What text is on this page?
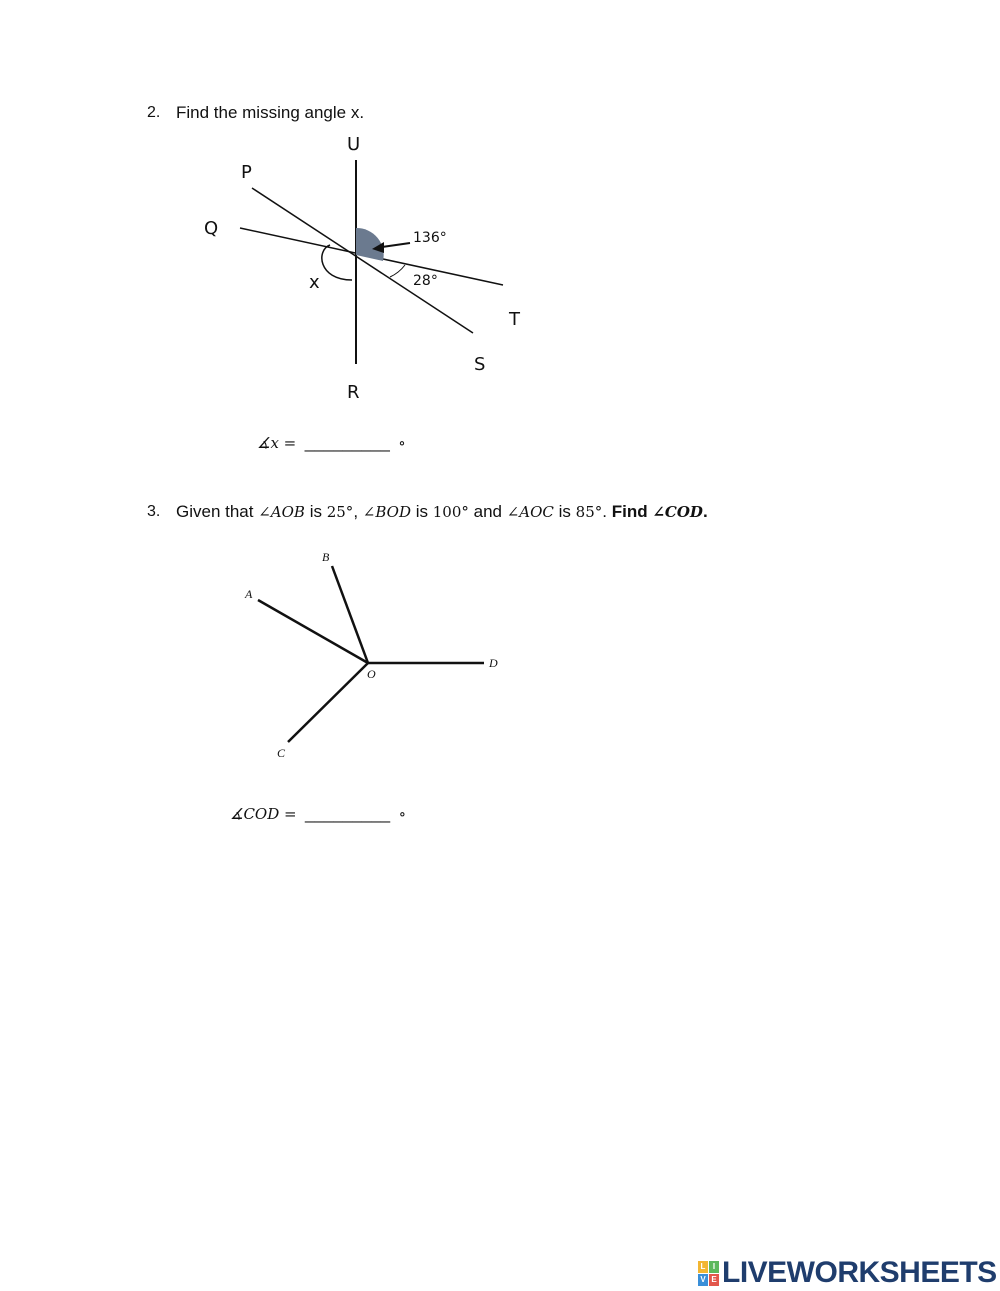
2. Find the missing angle x.
U
P
Q
x
T
S
R
136°
28°
∡x = _________ ∘
3. Given that ∠AOB is 25°, ∠BOD is 100° and ∠AOC is 85°. Find ∠COD.
B
A
O
D
C
∡COD = _________ ∘
L I
V E LIVEWORKSHEETS
